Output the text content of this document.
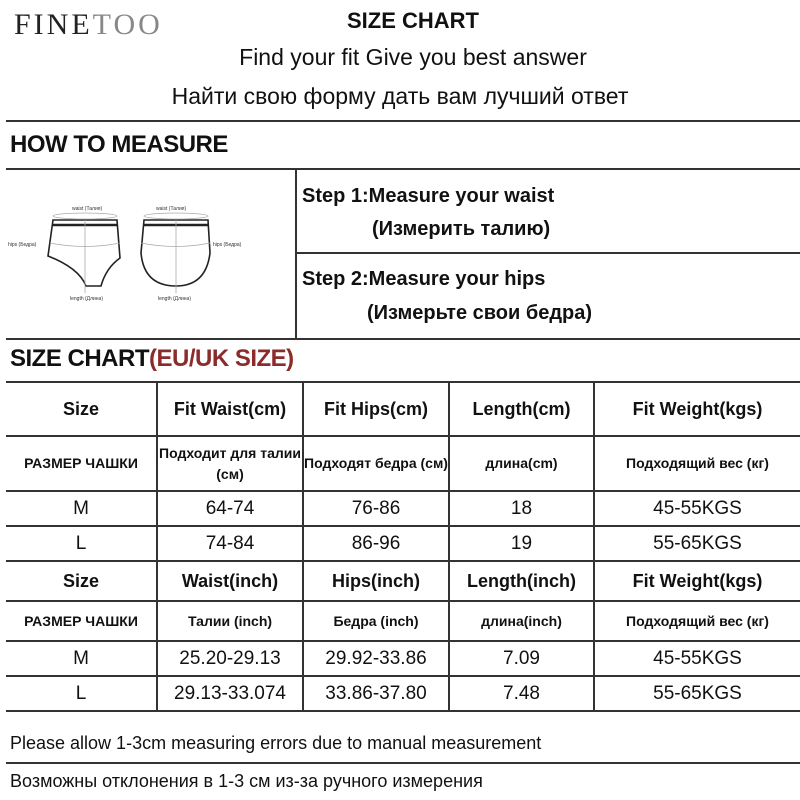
FINETOO	SIZE CHART
Find your fit Give you best answer
Найти свою форму дать вам лучший ответ
HOW TO MEASURE
waist (Талия)	waist (Талия)
hips (Бедра)	hips (Бедра)
length (Длина)	length (Длина)
Step 1:Measure your waist
(Измерить талию)
Step 2:Measure your hips
(Измерьте свои бедра)
SIZE CHART(EU/UK SIZE)
Size	Fit Waist(cm)	Fit Hips(cm)	Length(cm)	Fit Weight(kgs)
РАЗМЕР ЧАШКИ	Подходит для талии (см)	Подходят бедра (см)	длина(cm)	Подходящий вес (кг)
M	64-74	76-86	18	45-55KGS
L	74-84	86-96	19	55-65KGS
Size	Waist(inch)	Hips(inch)	Length(inch)	Fit Weight(kgs)
РАЗМЕР ЧАШКИ	Талии (inch)	Бедра (inch)	длина(inch)	Подходящий вес (кг)
M	25.20-29.13	29.92-33.86	7.09	45-55KGS
L	29.13-33.074	33.86-37.80	7.48	55-65KGS
Please allow 1-3cm measuring errors due to manual measurement
Возможны отклонения в 1-3 см из-за ручного измерения
